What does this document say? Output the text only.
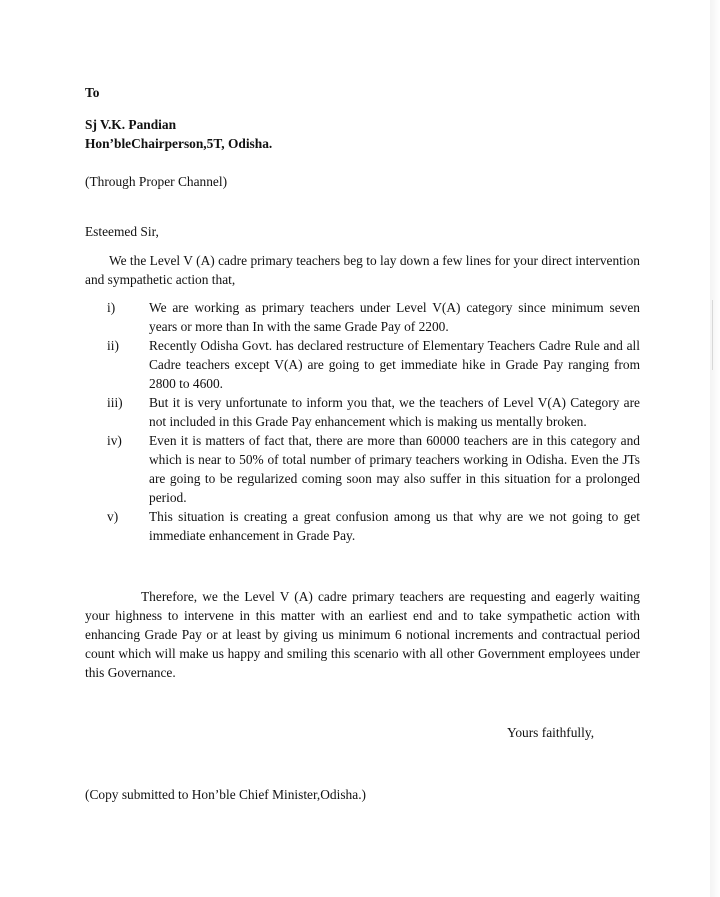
To

Sj V.K. Pandian

Hon’bleChairperson,5T, Odisha.

(Through Proper Channel)

Esteemed Sir,

We the Level V (A) cadre primary teachers beg to lay down a few lines for your direct intervention and sympathetic action that,

i)	We are working as primary teachers under Level V(A) category since minimum seven years or more than In with the same Grade Pay of 2200.
ii) Recently Odisha Govt. has declared restructure of Elementary Teachers Cadre Rule and all Cadre teachers except V(A) are going to get immediate hike in Grade Pay ranging from 2800 to 4600.
iii) But it is very unfortunate to inform you that, we the teachers of Level V(A) Category are not included in this Grade Pay enhancement which is making us mentally broken.
iv) Even it is matters of fact that, there are more than 60000 teachers are in this category and which is near to 50% of total number of primary teachers working in Odisha. Even the JTs are going to be regularized coming soon may also suffer in this situation for a prolonged period.
v) This situation is creating a great confusion among us that why are we not going to get immediate enhancement in Grade Pay.

Therefore, we the Level V (A) cadre primary teachers are requesting and eagerly waiting your highness to intervene in this matter with an earliest end and to take sympathetic action with enhancing Grade Pay or at least by giving us minimum 6 notional increments and contractual period count which will make us happy and smiling this scenario with all other Government employees under this Governance.

Yours faithfully,

(Copy submitted to Hon’ble Chief Minister,Odisha.)
